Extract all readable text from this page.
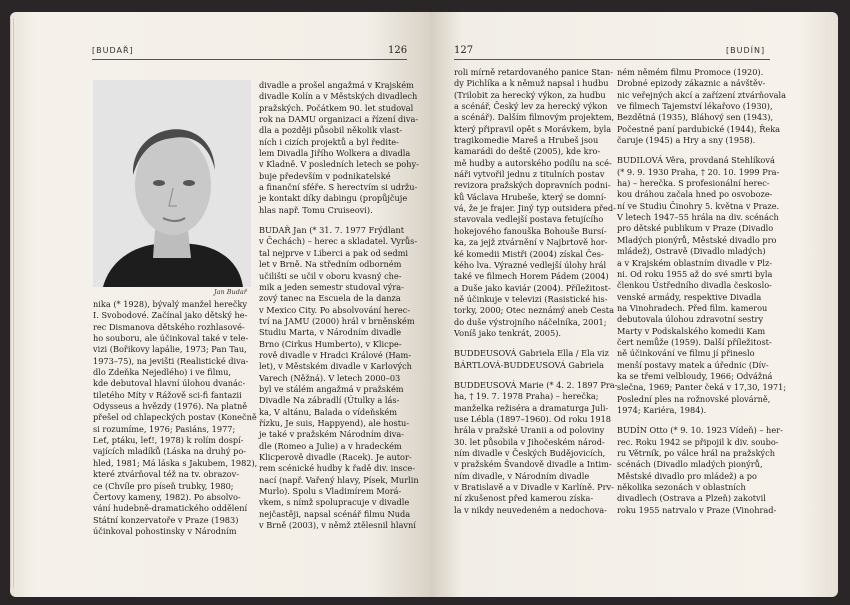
[BUDAŘ]	126
Jan Budař

divadle a prošel angažmá v Krajském

divadle Kolín a v Městských divadlech

pražských. Počátkem 90. let studoval

rok na DAMU organizaci a řízení diva-

dla a později působil několik vlast-

ních i cizích projektů a byl ředite-

lem Divadla Jiřího Wolkera a divadla

v Kladně. V posledních letech se pohy-

buje především v podnikatelské

a finanční sféře. S herectvím si udržu-

je kontakt díky dabingu (propůjčuje

hlas např. Tomu Cruiseovi).

BUDAŘ Jan (* 31. 7. 1977 Frýdlant

v Čechách) – herec a skladatel. Vyrůs-

tal nejprve v Liberci a pak od sedmi

let v Brně. Na středním odborném

učilišti se učil v oboru kvasný che-

mik a jeden semestr studoval výra-

zový tanec na Escuela de la danza

v Mexico City. Po absolvování herec-

tví na JAMU (2000) hrál v brněnském

Studiu Marta, v Národním divadle

Brno (Cirkus Humberto), v Klicpe-

rově divadle v Hradci Králové (Ham-

let), v Městském divadle v Karlových

Varech (Něžná). V letech 2000–03

byl ve stálém angažmá v pražském

Divadle Na zábradlí (Útulky a lás-

ka, V altánu, Balada o vídeňském

řízku, Je suis, Happyend), ale hostu-

je také v pražském Národním diva-

dle (Romeo a Julie) a v hradeckém

Klicperově divadle (Racek). Je autor-

rem scénické hudby k řadě div. insce-

nací (např. Vařený hlavy, Písek, Murlin

Murlo). Spolu s Vladimírem Morá-

vkem, s nímž spolupracuje v divadle

nejčastěji, napsal scénář filmu Nuda

v Brně (2003), v němž ztělesnil hlavní

nika (* 1928), bývalý manžel herečky

I. Svobodové. Začínal jako dětský he-

rec Dismanova dětského rozhlasové-

ho souboru, ale účinkoval také v tele-

vizi (Bořikovy lapálie, 1973; Pan Tau,

1973–75), na jevišti (Realistické diva-

dlo Zdeňka Nejedlého) i ve filmu,

kde debutoval hlavní úlohou dvanác-

tiletého Míty v Rážově sci-fi fantazii

Odysseus a hvězdy (1976). Na platně

přešel od chlapeckých postav (Konečně

si rozumíme, 1976; Pasiáns, 1977;

Leť, ptáku, leť!, 1978) k rolím dospí-

vajících mladíků (Láska na druhý po-

hled, 1981; Má láska s Jakubem, 1982),

které ztvárňoval též na tv. obrazov-

ce (Chvíle pro píseň trubky, 1980;

Čertovy kameny, 1982). Po absolvo-

vání hudebně-dramatického oddělení

Státní konzervatoře v Praze (1983)

účinkoval pohostinsky v Národním

[BUDÍN]
127

roli mírně retardovaného panice Stan-

dy Pichlíka a k němuž napsal i hudbu

(Trilobit za herecký výkon, za hudbu

a scénář, Český lev za herecký výkon

a scénář). Dalším filmovým projektem,

který připravil opět s Morávkem, byla

tragikomedie Mareš a Hrubeš jsou

kamarádi do deště (2005), kde kro-

mě hudby a autorského podílu na scé-

náři vytvořil jednu z titulních postav

revizora pražských dopravních podni-

ků Václava Hrubeše, který se domní-

vá, že je frajer. Jiný typ outsidera před-

stavovala vedlejší postava fetujícího

hokejového fanouška Bohouše Bursí-

ka, za jejž ztvárnění v Najbrtově hor-

ké komedii Mistři (2004) získal Čes-

kého lva. Výrazné vedlejší úlohy hrál

také ve filmech Horem Pádem (2004)

a Duše jako kaviár (2004). Příležitost-

ně účinkuje v televizi (Rasistické his-

torky, 2000; Otec neznámý aneb Cesta

do duše výstrojního náčelníka, 2001;

Voníš jako tenkrát, 2005).

BUDDEUSOVÁ Gabriela Ella / Ela viz

BÁRTLOVÁ-BUDDEUSOVÁ Gabriela

BUDDEUSOVÁ Marie (* 4. 2. 1897 Pra-

ha, † 19. 7. 1978 Praha) – herečka;

manželka režiséra a dramaturga Juli-

use Lébla (1897–1960). Od roku 1918

hrála v pražské Uranii a od poloviny

30. let působila v Jihočeském národ-

ním divadle v Českých Budějovicích,

v pražském Švandově divadle a Intim-

ním divadle, v Národním divadle

v Bratislavě a v Divadle v Karlíně. Prv-

ní zkušenost před kamerou získa-

la v nikdy neuvedeném a nedochova-

ném němém filmu Promoce (1920).

Drobné epizody zákaznic a návštěv-

nic veřejných akcí a zařízení ztvárňovala

ve filmech Tajemství lékařovo (1930),

Bezdětná (1935), Bláhový sen (1943),

Počestné paní pardubické (1944), Řeka

čaruje (1945) a Hry a sny (1958).

BUDILOVÁ Věra, provdaná Stehlíková

(* 9. 9. 1930 Praha, † 20. 10. 1999 Pra-

ha) – herečka. S profesionální herec-

kou dráhou začala hned po osvoboze-

ní ve Studiu Činohry 5. května v Praze.

V letech 1947–55 hrála na div. scénách

pro dětské publikum v Praze (Divadlo

Mladých pionýrů, Městské divadlo pro

mládež), Ostravě (Divadlo mladých)

a v Krajském oblastním divadle v Plz-

ni. Od roku 1955 až do své smrti byla

členkou Ústředního divadla českoslo-

venské armády, respektive Divadla

na Vinohradech. Před film. kamerou

debutovala úlohou zdravotní sestry

Marty v Podskalského komedii Kam

čert nemůže (1959). Další příležitost-

ně účinkování ve filmu jí přineslo

menší postavy matek a úřednic (Dív-

ka se třemi velbloudy, 1966; Odvážná

slečna, 1969; Panter čeká v 17,30, 1971;

Poslední ples na rožnovské plovárně,

1974; Kariéra, 1984).

BUDÍN Otto (* 9. 10. 1923 Vídeň) – her-

rec. Roku 1942 se připojil k div. soubo-

ru Větrník, po válce hrál na pražských

scénách (Divadlo mladých pionýrů,

Městské divadlo pro mládež) a po

několika sezonách v oblastních

divadlech (Ostrava a Plzeň) zakotvil

roku 1955 natrvalo v Praze (Vinohrad-
